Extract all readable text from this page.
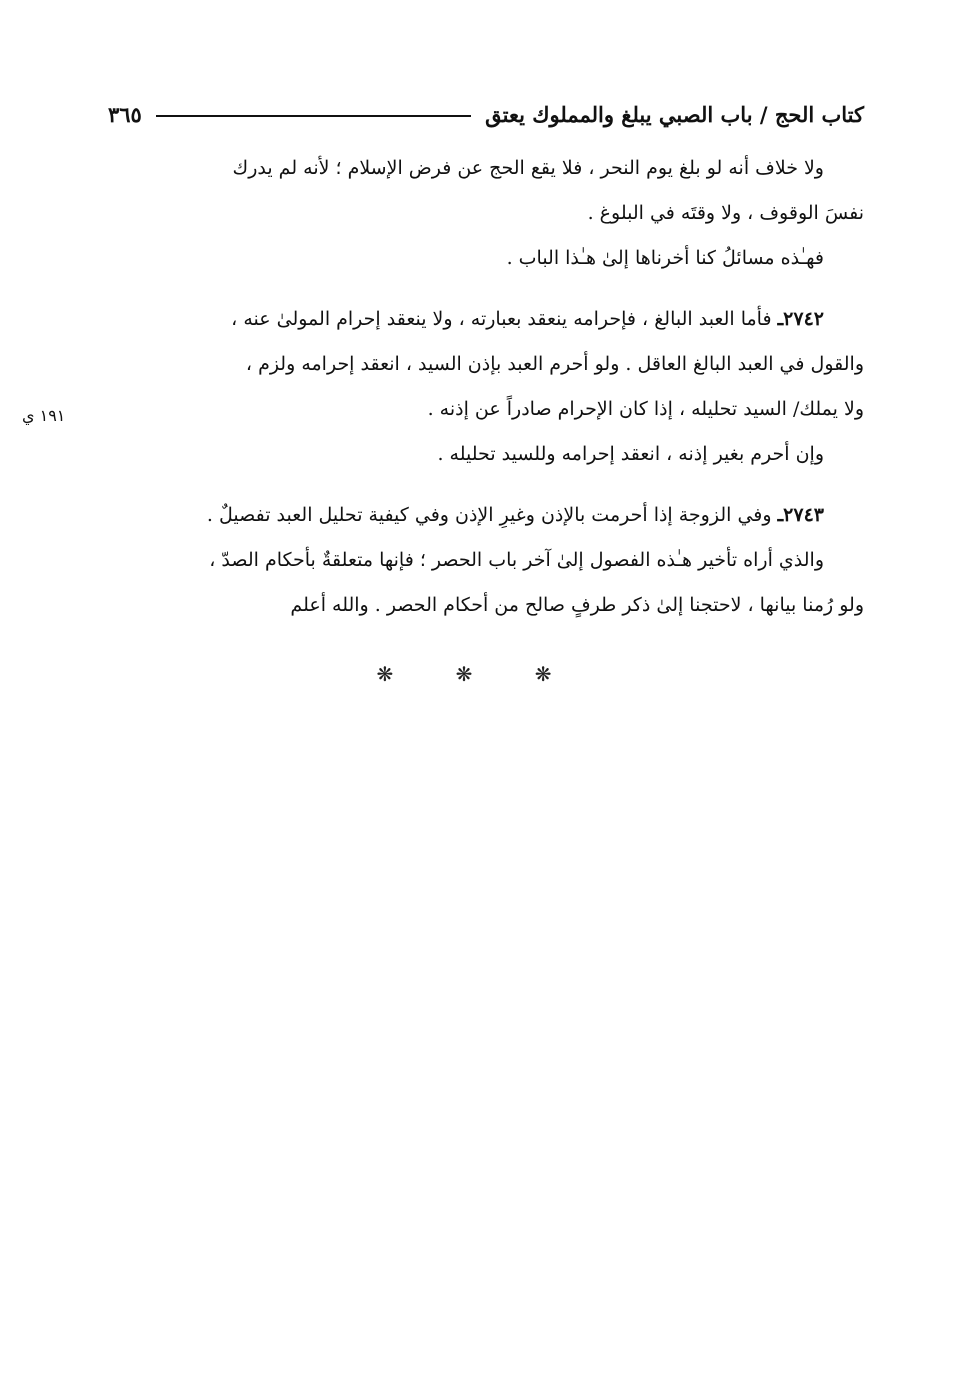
كتاب الحج / باب الصبي يبلغ والمملوك يعتق
٣٦٥
١٩١ ي
ولا خلاف أنه لو بلغ يوم النحر ، فلا يقع الحج عن فرض الإسلام ؛ لأنه لم يدرك
نفسَ الوقوف ، ولا وقتَه في البلوغ .
فهـٰذه مسائلُ كنا أخرناها إلىٰ هـٰذا الباب .
٢٧٤٢ـ فأما العبد البالغ ، فإحرامه ينعقد بعبارته ، ولا ينعقد إحرام المولىٰ عنه ،
والقول في العبد البالغ العاقل . ولو أحرم العبد بإذن السيد ، انعقد إحرامه ولزم ،
ولا يملك/ السيد تحليله ، إذا كان الإحرام صادراً عن إذنه .
وإن أحرم بغير إذنه ، انعقد إحرامه وللسيد تحليله .
٢٧٤٣ـ وفي الزوجة إذا أحرمت بالإذن وغيرِ الإذن وفي كيفية تحليل العبد تفصيلٌ .
والذي أراه تأخير هـٰذه الفصول إلىٰ آخر باب الحصر ؛ فإنها متعلقةٌ بأحكام الصدّ ،
ولو رُمنا بيانها ، لاحتجنا إلىٰ ذكر طرفٍ صالح من أحكام الحصر . والله أعلم
❋ ❋ ❋
